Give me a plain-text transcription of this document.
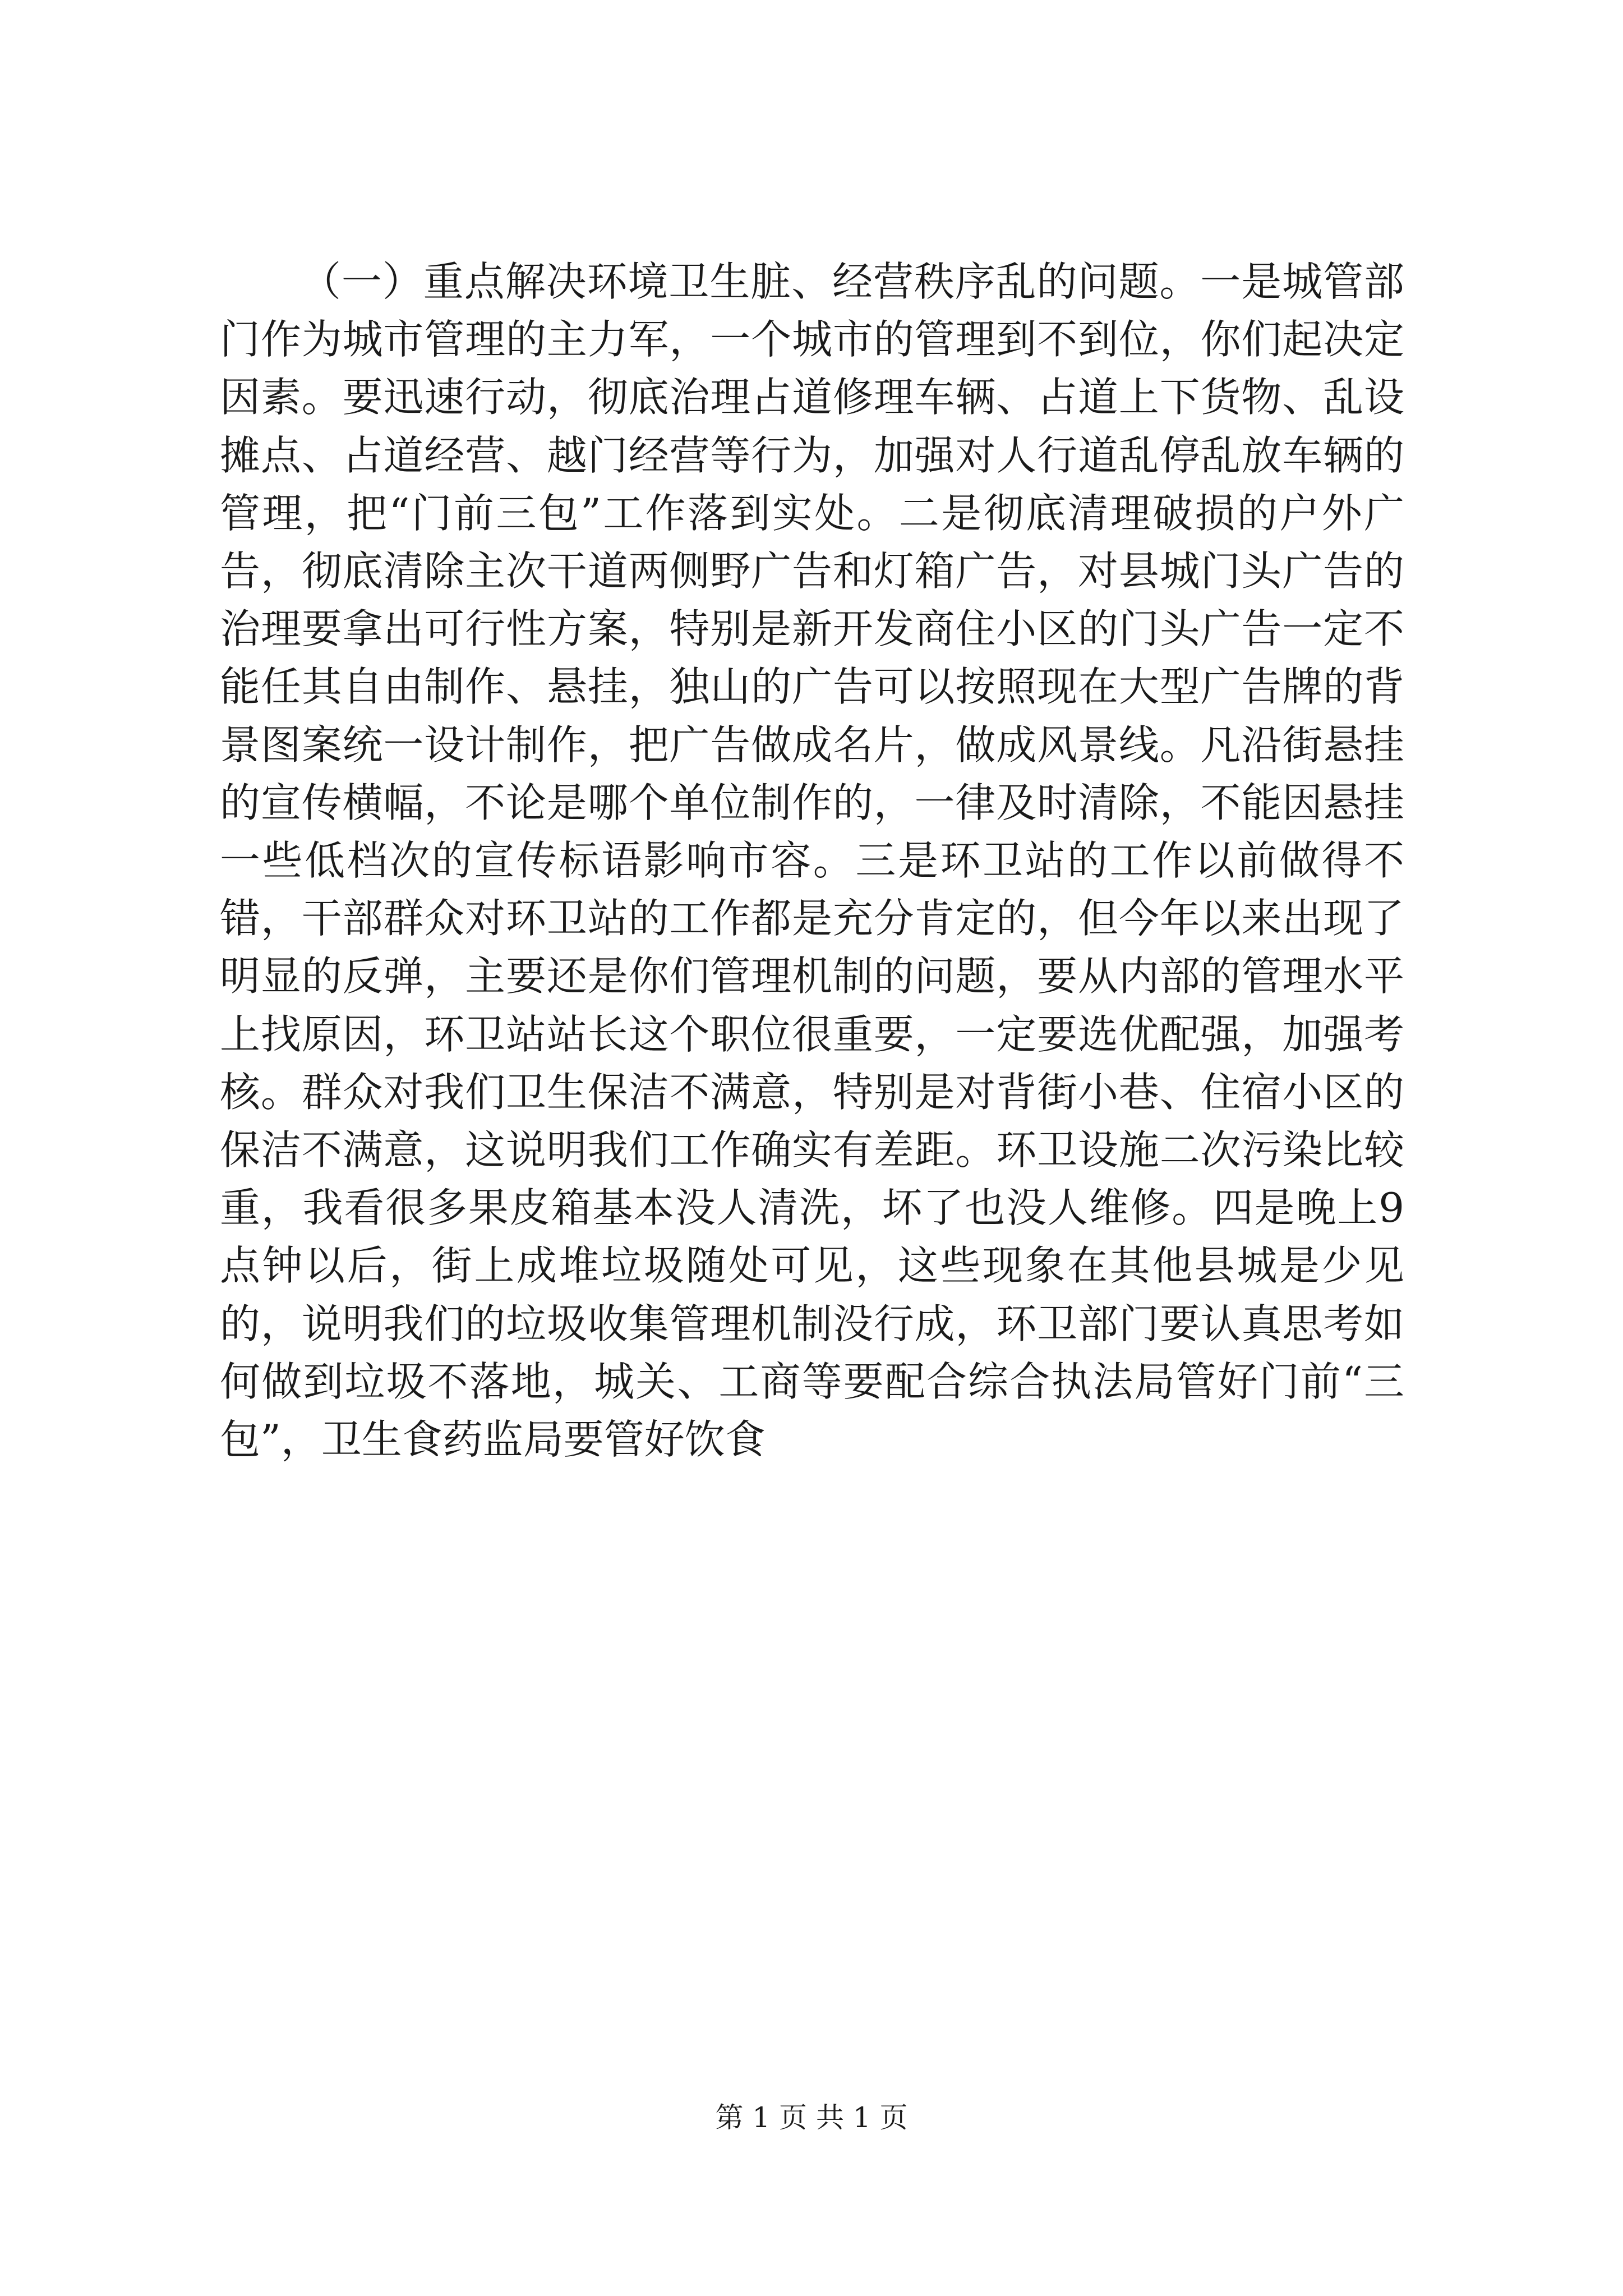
（一）重点解决环境卫生脏、经营秩序乱的问题。一是城管部门作为城市管理的主力军，一个城市的管理到不到位，你们起决定因素。要迅速行动，彻底治理占道修理车辆、占道上下货物、乱设摊点、占道经营、越门经营等行为，加强对人行道乱停乱放车辆的管理，把“门前三包”工作落到实处。二是彻底清理破损的户外广告，彻底清除主次干道两侧野广告和灯箱广告，对县城门头广告的治理要拿出可行性方案，特别是新开发商住小区的门头广告一定不能任其自由制作、悬挂，独山的广告可以按照现在大型广告牌的背景图案统一设计制作，把广告做成名片，做成风景线。凡沿街悬挂的宣传横幅，不论是哪个单位制作的，一律及时清除，不能因悬挂一些低档次的宣传标语影响市容。三是环卫站的工作以前做得不错，干部群众对环卫站的工作都是充分肯定的，但今年以来出现了明显的反弹，主要还是你们管理机制的问题，要从内部的管理水平上找原因，环卫站站长这个职位很重要，一定要选优配强，加强考核。群众对我们卫生保洁不满意，特别是对背街小巷、住宿小区的保洁不满意，这说明我们工作确实有差距。环卫设施二次污染比较重，我看很多果皮箱基本没人清洗，坏了也没人维修。四是晚上9点钟以后，街上成堆垃圾随处可见，这些现象在其他县城是少见的，说明我们的垃圾收集管理机制没行成，环卫部门要认真思考如何做到垃圾不落地，城关、工商等要配合综合执法局管好门前“三包”，卫生食药监局要管好饮食

第 1 页 共 1 页
